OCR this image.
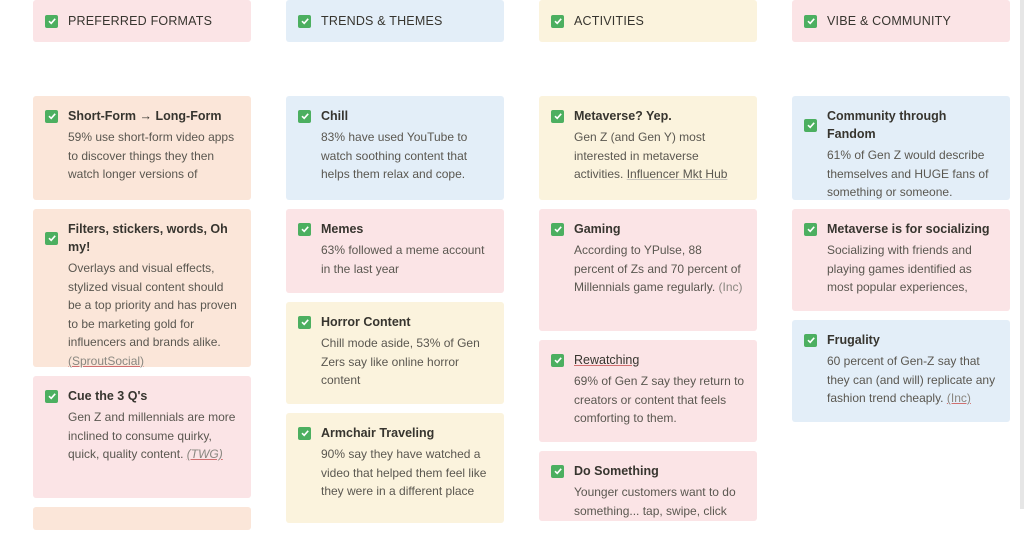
PREFERRED FORMATS
Short-Form → Long-Form
59% use short-form video apps to discover things they then watch longer versions of
Filters, stickers, words, Oh my!
Overlays and visual effects, stylized visual content should be a top priority and has proven to be marketing gold for influencers and brands alike. (SproutSocial)
Cue the 3 Q's
Gen Z and millennials are more inclined to consume quirky, quick, quality content. (TWG)
TRENDS & THEMES
Chill
83% have used YouTube to watch soothing content that helps them relax and cope.
Memes
63% followed a meme account in the last year
Horror Content
Chill mode aside, 53% of Gen Zers say like online horror content
Armchair Traveling
90% say they have watched a video that helped them feel like they were in a different place
ACTIVITIES
Metaverse? Yep.
Gen Z (and Gen Y) most interested in metaverse activities. Influencer Mkt Hub
Gaming
According to YPulse, 88 percent of Zs and 70 percent of Millennials game regularly. (Inc)
Rewatching
69% of Gen Z say they return to creators or content that feels comforting to them.
Do Something
Younger customers want to do something... tap, swipe, click
VIBE & COMMUNITY
Community through Fandom
61% of Gen Z would describe themselves and HUGE fans of something or someone.
Metaverse is for socializing
Socializing with friends and playing games identified as most popular experiences,
Frugality
60 percent of Gen-Z say that they can (and will) replicate any fashion trend cheaply. (Inc)
